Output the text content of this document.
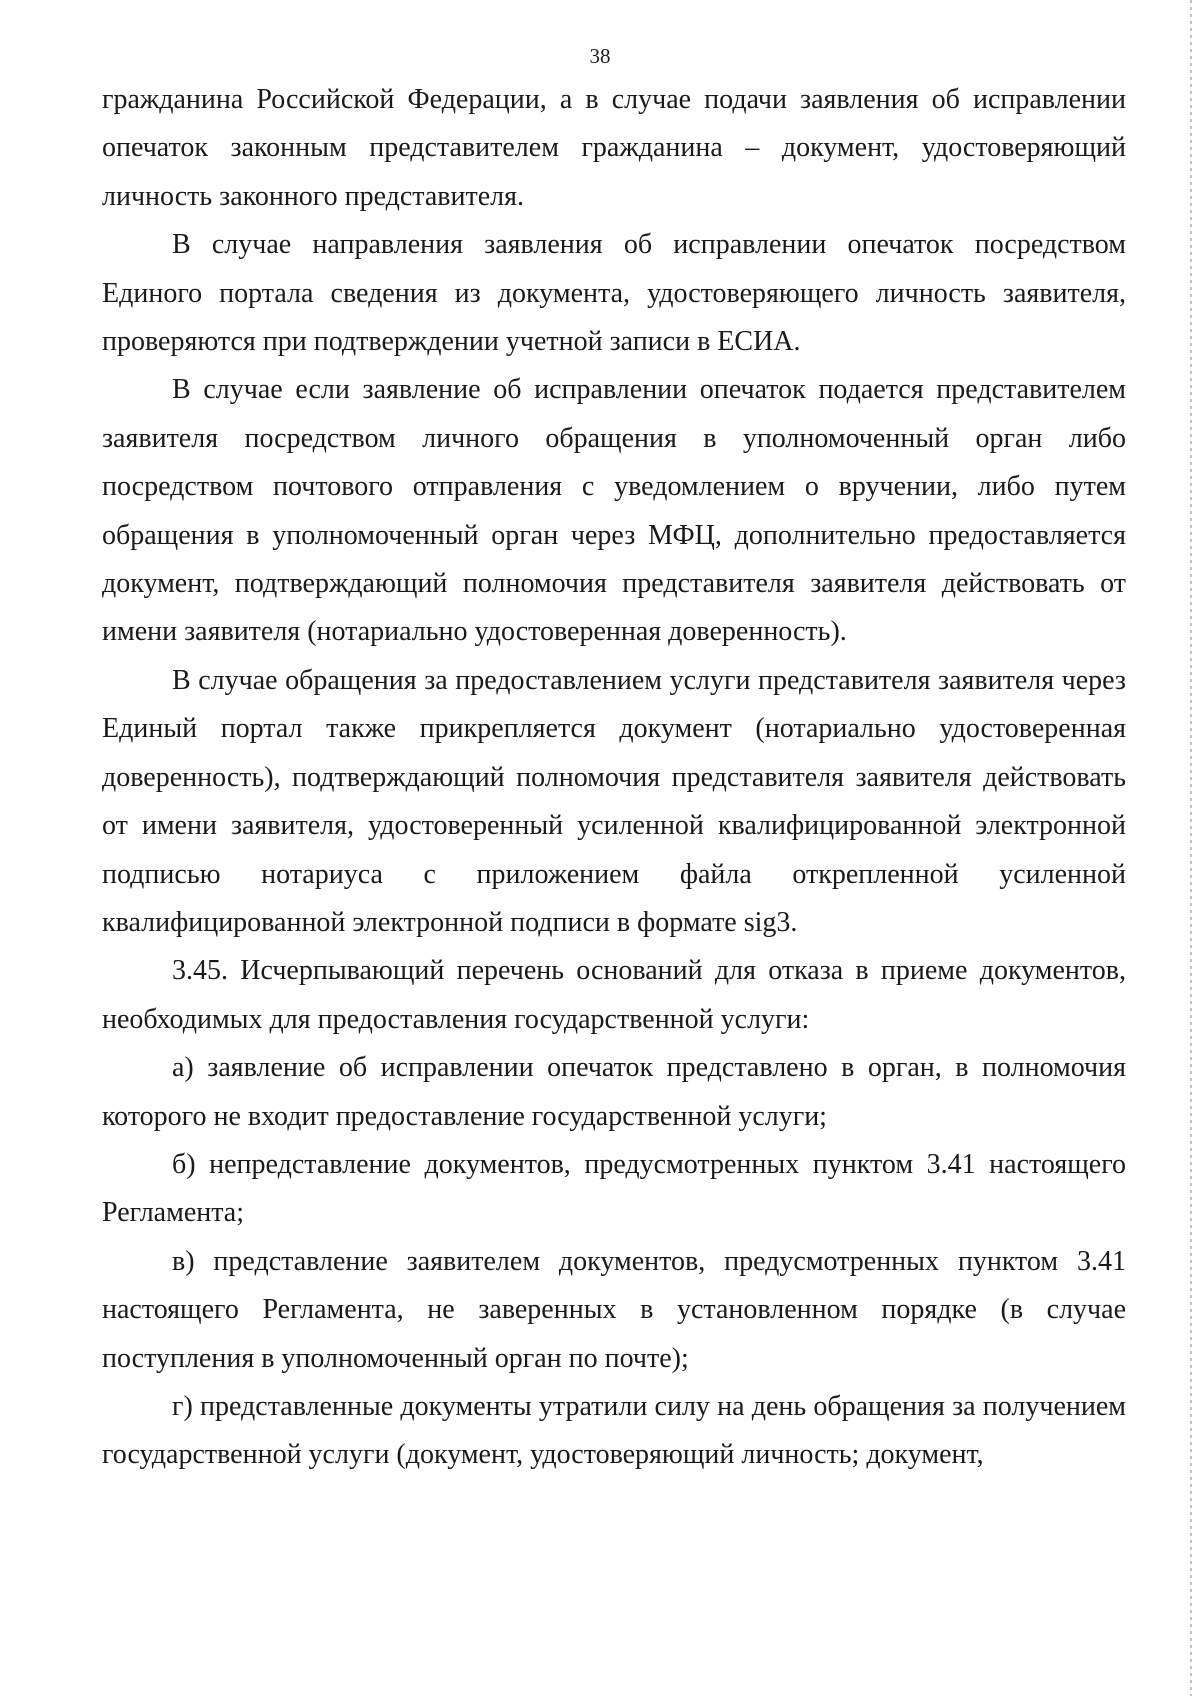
38

гражданина Российской Федерации, а в случае подачи заявления об исправлении опечаток законным представителем гражданина – документ, удостоверяющий личность законного представителя.

В случае направления заявления об исправлении опечаток посредством Единого портала сведения из документа, удостоверяющего личность заявителя, проверяются при подтверждении учетной записи в ЕСИА.

В случае если заявление об исправлении опечаток подается представителем заявителя посредством личного обращения в уполномоченный орган либо посредством почтового отправления с уведомлением о вручении, либо путем обращения в уполномоченный орган через МФЦ, дополнительно предоставляется документ, подтверждающий полномочия представителя заявителя действовать от имени заявителя (нотариально удостоверенная доверенность).

В случае обращения за предоставлением услуги представителя заявителя через Единый портал также прикрепляется документ (нотариально удостоверенная доверенность), подтверждающий полномочия представителя заявителя действовать от имени заявителя, удостоверенный усиленной квалифицированной электронной подписью нотариуса с приложением файла открепленной усиленной квалифицированной электронной подписи в формате sig3.

3.45. Исчерпывающий перечень оснований для отказа в приеме документов, необходимых для предоставления государственной услуги:

а) заявление об исправлении опечаток представлено в орган, в полномочия которого не входит предоставление государственной услуги;

б) непредставление документов, предусмотренных пунктом 3.41 настоящего Регламента;

в) представление заявителем документов, предусмотренных пунктом 3.41 настоящего Регламента, не заверенных в установленном порядке (в случае поступления в уполномоченный орган по почте);

г) представленные документы утратили силу на день обращения за получением государственной услуги (документ, удостоверяющий личность; документ,
